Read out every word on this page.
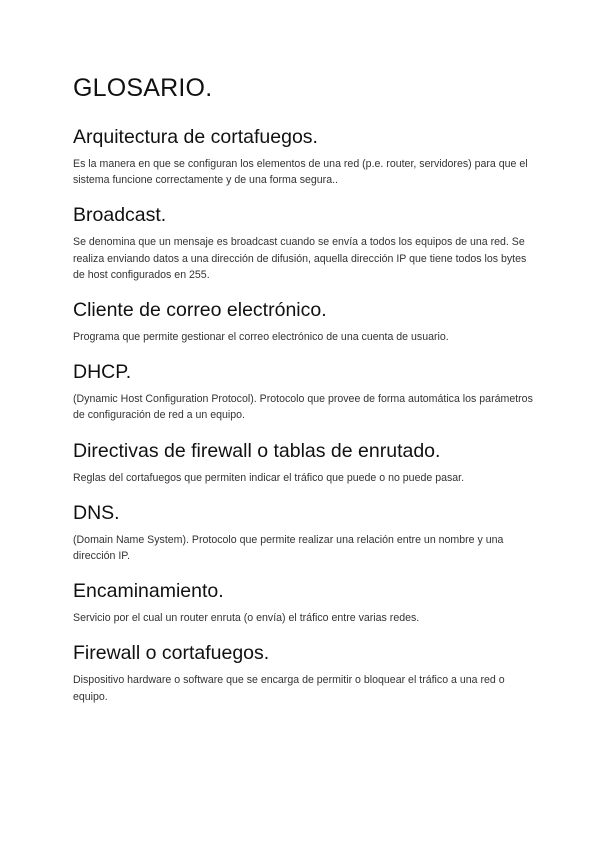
GLOSARIO.
Arquitectura de cortafuegos.

Es la manera en que se configuran los elementos de una red (p.e. router, servidores) para que el sistema funcione correctamente y de una forma segura..

Broadcast.

Se denomina que un mensaje es broadcast cuando se envía a todos los equipos de una red. Se realiza enviando datos a una dirección de difusión, aquella dirección IP que tiene todos los bytes de host configurados en 255.

Cliente de correo electrónico.

Programa que permite gestionar el correo electrónico de una cuenta de usuario.

DHCP.

(Dynamic Host Configuration Protocol). Protocolo que provee de forma automática los parámetros de configuración de red a un equipo.

Directivas de firewall o tablas de enrutado.

Reglas del cortafuegos que permiten indicar el tráfico que puede o no puede pasar.

DNS.

(Domain Name System). Protocolo que permite realizar una relación entre un nombre y una dirección IP.

Encaminamiento.

Servicio por el cual un router enruta (o envía) el tráfico entre varias redes.

Firewall o cortafuegos.

Dispositivo hardware o software que se encarga de permitir o bloquear el tráfico a una red o equipo.
